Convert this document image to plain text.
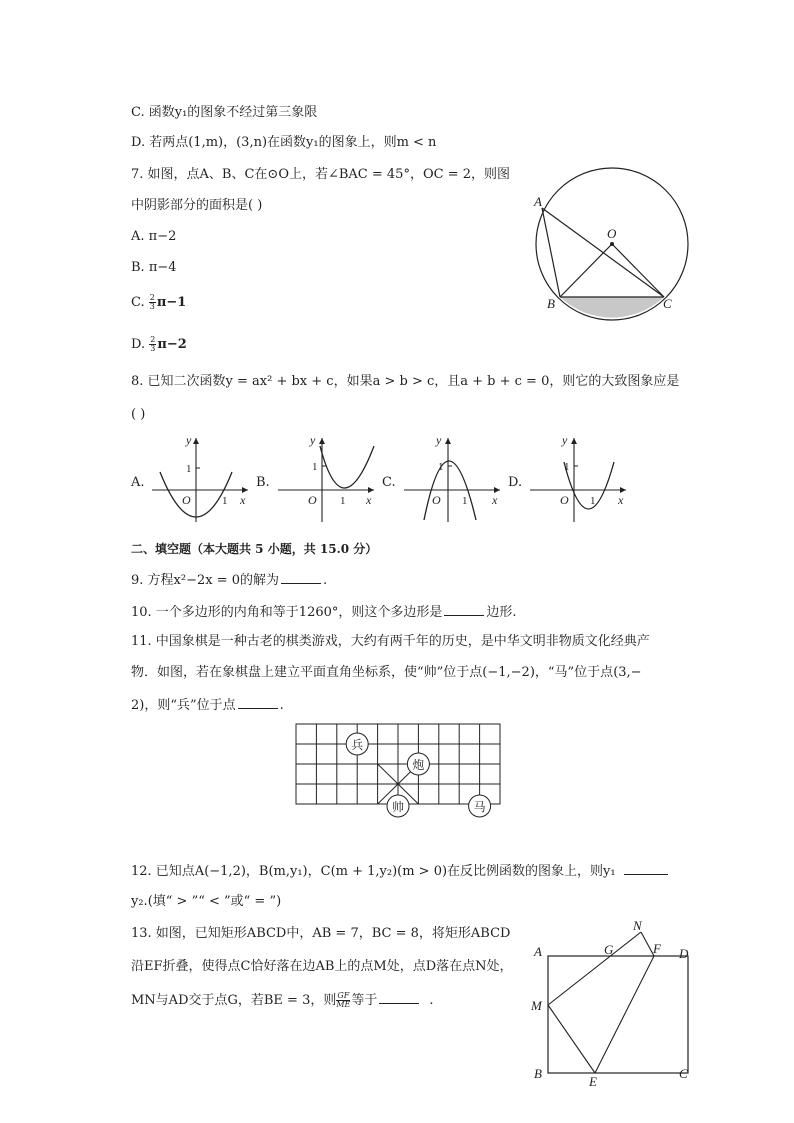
C. 函数y₁的图象不经过第三象限
D. 若两点(1,m)，(3,n)在函数y₁的图象上，则m < n
7. 如图，点A、B、C在⊙O上，若∠BAC = 45°，OC = 2，则图
中阴影部分的面积是( )
A. π−2
B. π−4
C. $\frac{2}{3} \pi-1$
D. $\frac{2}{3} \pi-2$
A
B	C
O
8. 已知二次函数y = ax² + bx + c，如果a > b > c，且a + b + c = 0，则它的大致图象应是
( )
A.
y
x
O
1
1
B.
y
x
O
1
1
C.
y
x
O
1
1
D.
y
x
O
1
1
二、填空题（本大题共 5 小题，共 15.0 分）
9. 方程x²−2x = 0的解为	.
10. 一个多边形的内角和等于1260°，则这个多边形是	边形.
11. 中国象棋是一种古老的棋类游戏，大约有两千年的历史，是中华文明非物质文化经典产
物．如图，若在象棋盘上建立平面直角坐标系，使“帅”位于点(−1,−2)，“马”位于点(3,−
2)，则“兵”位于点	.
兵
炮
帅	马
12. 已知点A(−1,2)，B(m,y₁)，C(m + 1,y₂)(m > 0)在反比例函数的图象上，则y₁
y₂.(填“ > ”“ < ”或“ = ”)
13. 如图，已知矩形ABCD中，AB = 7，BC = 8，将矩形ABCD
沿EF折叠，使得点C恰好落在边AB上的点M处，点D落在点N处，
MN与AD交于点G，若BE = 3，则 $\frac{GF}{ME}$ 等于	.
A
B	C
D
E
F
G
M
N
